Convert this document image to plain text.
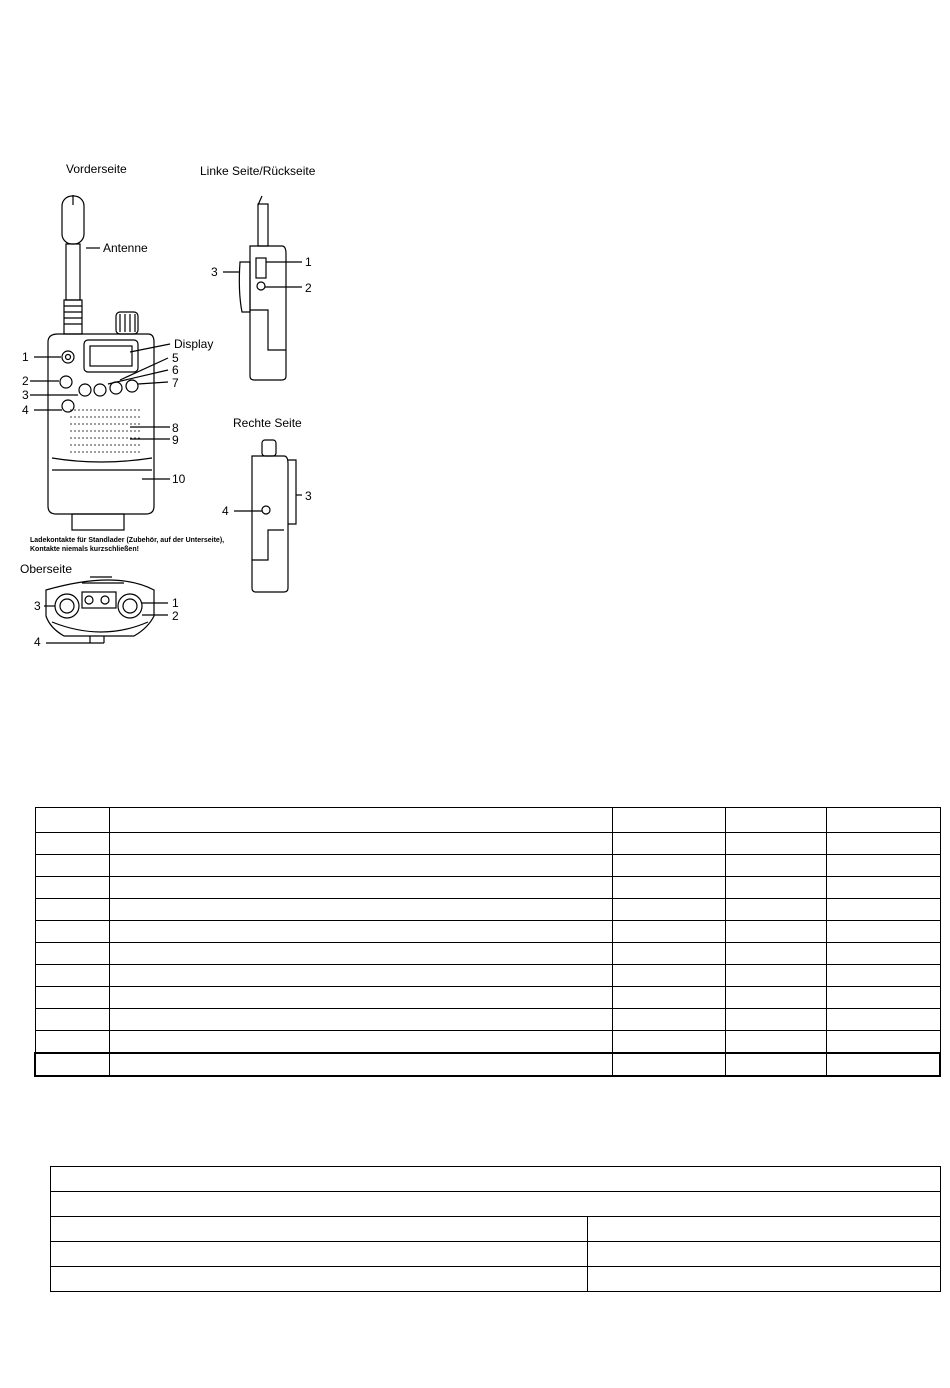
Vorderseite
Antenne
Display
1
2
3
4
5
6
7
8
9
10
Ladekontakte für Standlader (Zubehör, auf der Unterseite), Kontakte niemals kurzschließen!
Oberseite
1
2
3
4
Linke Seite/Rückseite
1
2
3
Rechte Seite
3
4
